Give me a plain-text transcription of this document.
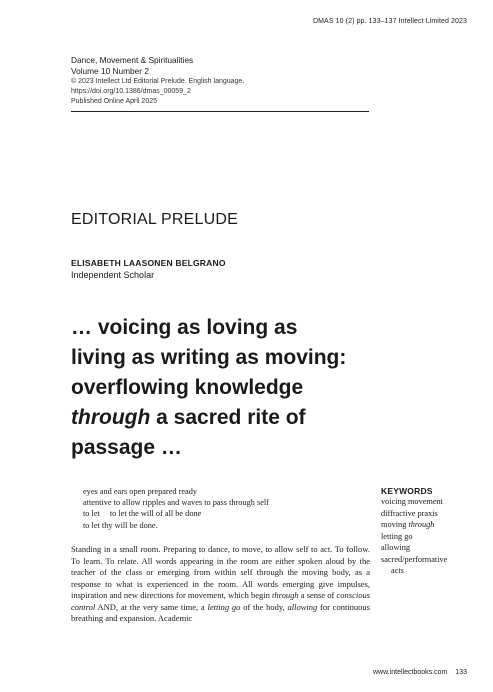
DMAS 10 (2) pp. 133–137 Intellect Limited 2023
Dance, Movement & Spiritualities
Volume 10 Number 2
© 2023 Intellect Ltd Editorial Prelude. English language.
https://doi.org/10.1386/dmas_00059_2
Published Online April 2025
EDITORIAL PRELUDE
ELISABETH LAASONEN BELGRANO
Independent Scholar
… voicing as loving as
living as writing as moving:
overflowing knowledge
through a sacred rite of
passage …
eyes and ears open prepared ready
attentive to allow ripples and waves to pass through self
to let to let the will of all be done
to let thy will be done.
Standing in a small room. Preparing to dance, to move, to allow self to act. To follow. To learn. To relate. All words appearing in the room are either spoken aloud by the teacher of the class or emerging from within self through the moving body, as a response to what is experienced in the room. All words emerging give impulses, inspiration and new directions for movement, which begin through a sense of conscious control AND, at the very same time, a letting go of the body, allowing for continuous breathing and expansion. Academic
KEYWORDS
voicing movement
diffractive praxis
moving through
letting go
allowing
sacred/performative
acts
www.intellectbooks.com 133
